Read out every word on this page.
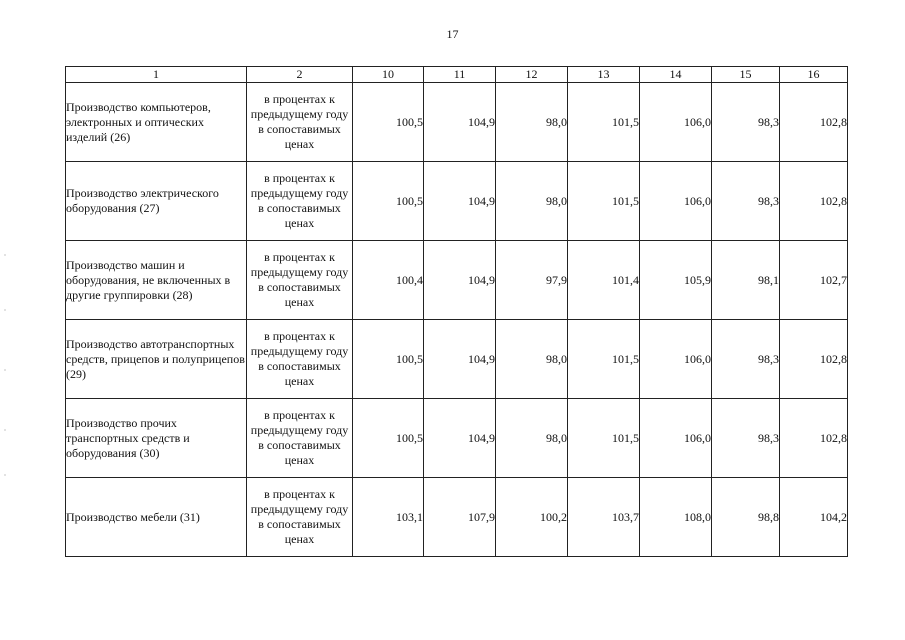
17
1	2	10	11	12	13	14	15	16
Производство компьютеров, электронных и оптических изделий (26)	в процентах к предыдущему году в сопоставимых ценах	100,5	104,9	98,0	101,5	106,0	98,3	102,8
Производство электрического оборудования (27)	в процентах к предыдущему году в сопоставимых ценах	100,5	104,9	98,0	101,5	106,0	98,3	102,8
Производство машин и оборудования, не включенных в другие группировки (28)	в процентах к предыдущему году в сопоставимых ценах	100,4	104,9	97,9	101,4	105,9	98,1	102,7
Производство автотранспортных средств, прицепов и полуприцепов (29)	в процентах к предыдущему году в сопоставимых ценах	100,5	104,9	98,0	101,5	106,0	98,3	102,8
Производство прочих транспортных средств и оборудования (30)	в процентах к предыдущему году в сопоставимых ценах	100,5	104,9	98,0	101,5	106,0	98,3	102,8
Производство мебели (31)	в процентах к предыдущему году в сопоставимых ценах	103,1	107,9	100,2	103,7	108,0	98,8	104,2
